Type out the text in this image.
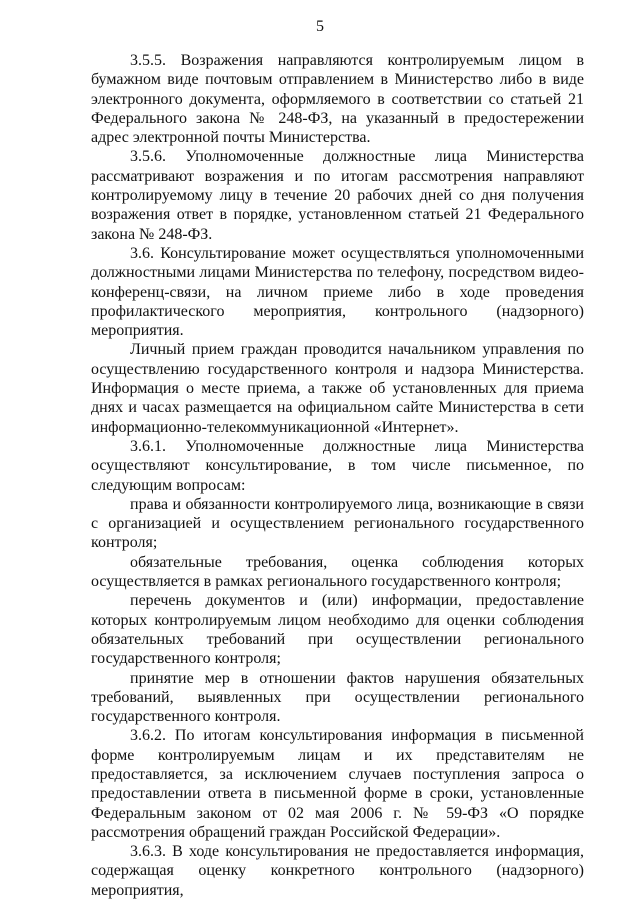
5

3.5.5. Возражения направляются контролируемым лицом в бумажном виде почтовым отправлением в Министерство либо в виде электронного документа, оформляемого в соответствии со статьей 21 Федерального закона № 248-ФЗ, на указанный в предостережении адрес электронной почты Министерства.

3.5.6. Уполномоченные должностные лица Министерства рассматривают возражения и по итогам рассмотрения направляют контролируемому лицу в течение 20 рабочих дней со дня получения возражения ответ в порядке, установленном статьей 21 Федерального закона № 248-ФЗ.

3.6. Консультирование может осуществляться уполномоченными должностными лицами Министерства по телефону, посредством видео-конференц-связи, на личном приеме либо в ходе проведения профилактического мероприятия, контрольного (надзорного) мероприятия.

Личный прием граждан проводится начальником управления по осуществлению государственного контроля и надзора Министерства. Информация о месте приема, а также об установленных для приема днях и часах размещается на официальном сайте Министерства в сети информационно-телекоммуникационной «Интернет».

3.6.1. Уполномоченные должностные лица Министерства осуществляют консультирование, в том числе письменное, по следующим вопросам:

права и обязанности контролируемого лица, возникающие в связи с организацией и осуществлением регионального государственного контроля;

обязательные требования, оценка соблюдения которых осуществляется в рамках регионального государственного контроля;

перечень документов и (или) информации, предоставление которых контролируемым лицом необходимо для оценки соблюдения обязательных требований при осуществлении регионального государственного контроля;

принятие мер в отношении фактов нарушения обязательных требований, выявленных при осуществлении регионального государственного контроля.

3.6.2. По итогам консультирования информация в письменной форме контролируемым лицам и их представителям не предоставляется, за исключением случаев поступления запроса о предоставлении ответа в письменной форме в сроки, установленные Федеральным законом от 02 мая 2006 г. № 59-ФЗ «О порядке рассмотрения обращений граждан Российской Федерации».

3.6.3. В ходе консультирования не предоставляется информация, содержащая оценку конкретного контрольного (надзорного) мероприятия,
